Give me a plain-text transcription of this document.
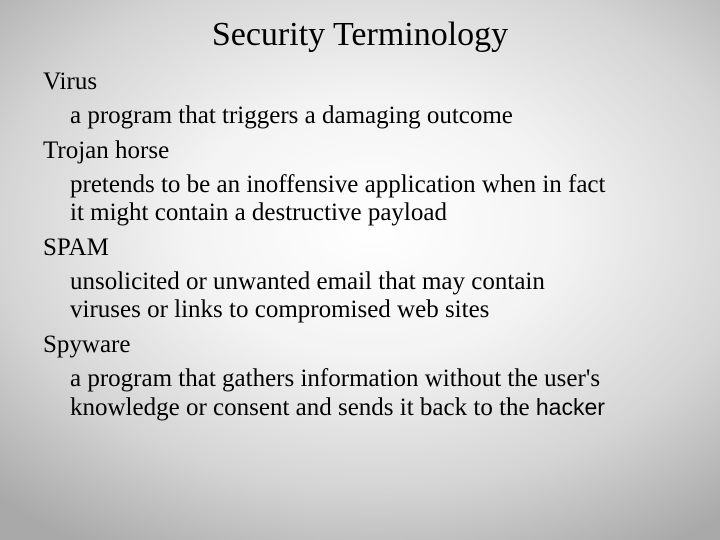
Security Terminology
Virus
a program that triggers a damaging outcome
Trojan horse
pretends to be an inoffensive application when in fact
it might contain a destructive payload
SPAM
unsolicited or unwanted email that may contain
viruses or links to compromised web sites
Spyware
a program that gathers information without the user's
knowledge or consent and sends it back to the hacker
